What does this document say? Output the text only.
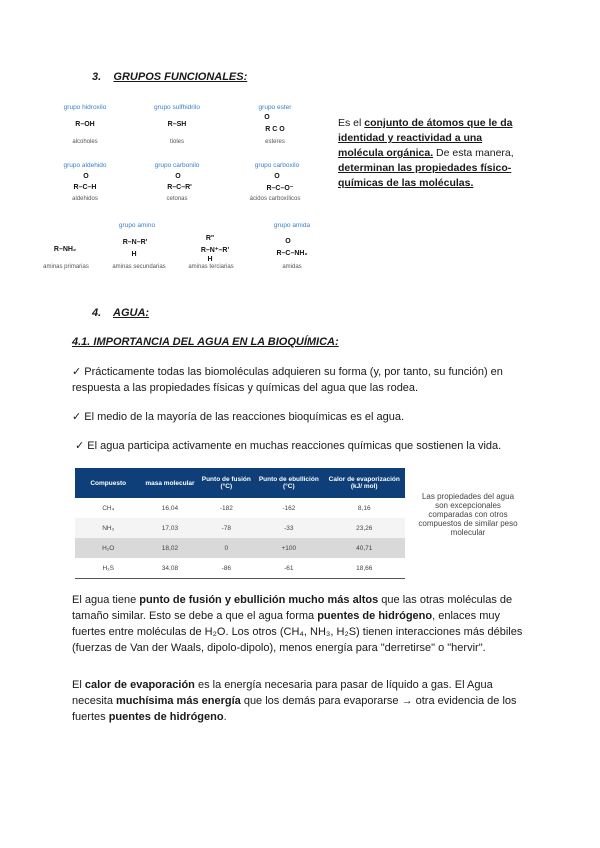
3. GRUPOS FUNCIONALES:
grupo hidroxilo
R–OH
alcoholes
grupo sulfhidrilo
R–SH
tioles
grupo ester
O
R C O
esteres
grupo aldehido
O
R–C–H
aldehidos
grupo carbonilo
O
R–C–R'
cetonas
grupo carboxilo
O
R–C–O⁻
ácidos carboxílicos
grupo amino
R–NH₂
aminas primarias
R–N–R'
H
aminas secundarias
R"
R–N⁺–R'
H
aminas terciarias
grupo amida
O
R–C–NH₂
amidas
Es el conjunto de átomos que le da identidad y reactividad a una molécula orgánica. De esta manera, determinan las propiedades físico-químicas de las moléculas.
4. AGUA:
4.1. IMPORTANCIA DEL AGUA EN LA BIOQUÍMICA:
✓ Prácticamente todas las biomoléculas adquieren su forma (y, por tanto, su función) en respuesta a las propiedades físicas y químicas del agua que las rodea.
✓ El medio de la mayoría de las reacciones bioquímicas es el agua.
✓ El agua participa activamente en muchas reacciones químicas que sostienen la vida.
Compuesto	masa molecular	Punto de fusión (°C)	Punto de ebullición (°C)	Calor de evaporización (kJ/ mol)
CH₄	16,04	-182	-162	8,16
NH₃	17,03	-78	-33	23,26
H₂O	18,02	0	+100	40,71
H₂S	34,08	-86	-61	18,66
Las propiedades del agua son excepcionales comparadas con otros compuestos de similar peso molecular
El agua tiene punto de fusión y ebullición mucho más altos que las otras moléculas de tamaño similar. Esto se debe a que el agua forma puentes de hidrógeno, enlaces muy fuertes entre moléculas de H₂O. Los otros (CH₄, NH₃, H₂S) tienen interacciones más débiles (fuerzas de Van der Waals, dipolo-dipolo), menos energía para "derretirse" o "hervir".
El calor de evaporación es la energía necesaria para pasar de líquido a gas. El Agua necesita muchísima más energía que los demás para evaporarse → otra evidencia de los fuertes puentes de hidrógeno.
